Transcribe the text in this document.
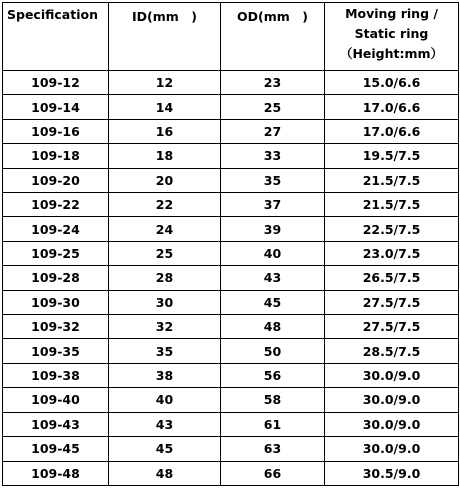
Specification	ID(mm　)	OD(mm　)	Moving ring /
Static ring
（Height:mm）

109-12	12	23	15.0/6.6
109-14	14	25	17.0/6.6
109-16	16	27	17.0/6.6
109-18	18	33	19.5/7.5
109-20	20	35	21.5/7.5
109-22	22	37	21.5/7.5
109-24	24	39	22.5/7.5
109-25	25	40	23.0/7.5
109-28	28	43	26.5/7.5
109-30	30	45	27.5/7.5
109-32	32	48	27.5/7.5
109-35	35	50	28.5/7.5
109-38	38	56	30.0/9.0
109-40	40	58	30.0/9.0
109-43	43	61	30.0/9.0
109-45	45	63	30.0/9.0
109-48	48	66	30.5/9.0
